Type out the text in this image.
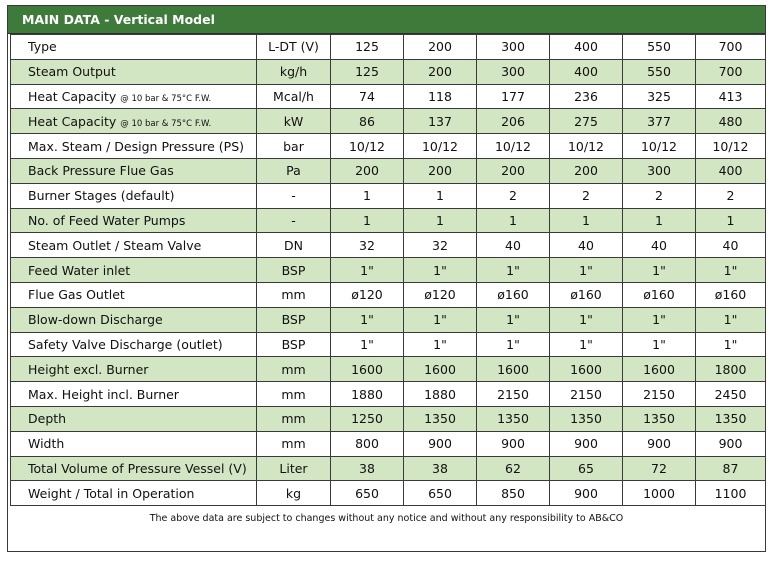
MAIN DATA - Vertical Model
Type	L-DT (V)	125	200	300	400	550	700
Steam Output	kg/h	125	200	300	400	550	700
Heat Capacity @ 10 bar & 75°C F.W.	Mcal/h	74	118	177	236	325	413
Heat Capacity @ 10 bar & 75°C F.W.	kW	86	137	206	275	377	480
Max. Steam / Design Pressure (PS)	bar	10/12	10/12	10/12	10/12	10/12	10/12
Back Pressure Flue Gas	Pa	200	200	200	200	300	400
Burner Stages (default)	-	1	1	2	2	2	2
No. of Feed Water Pumps	-	1	1	1	1	1	1
Steam Outlet / Steam Valve	DN	32	32	40	40	40	40
Feed Water inlet	BSP	1"	1"	1"	1"	1"	1"
Flue Gas Outlet	mm	ø120	ø120	ø160	ø160	ø160	ø160
Blow-down Discharge	BSP	1"	1"	1"	1"	1"	1"
Safety Valve Discharge (outlet)	BSP	1"	1"	1"	1"	1"	1"
Height excl. Burner	mm	1600	1600	1600	1600	1600	1800
Max. Height incl. Burner	mm	1880	1880	2150	2150	2150	2450
Depth	mm	1250	1350	1350	1350	1350	1350
Width	mm	800	900	900	900	900	900
Total Volume of Pressure Vessel (V)	Liter	38	38	62	65	72	87
Weight / Total in Operation	kg	650	650	850	900	1000	1100
The above data are subject to changes without any notice and without any responsibility to AB&CO
